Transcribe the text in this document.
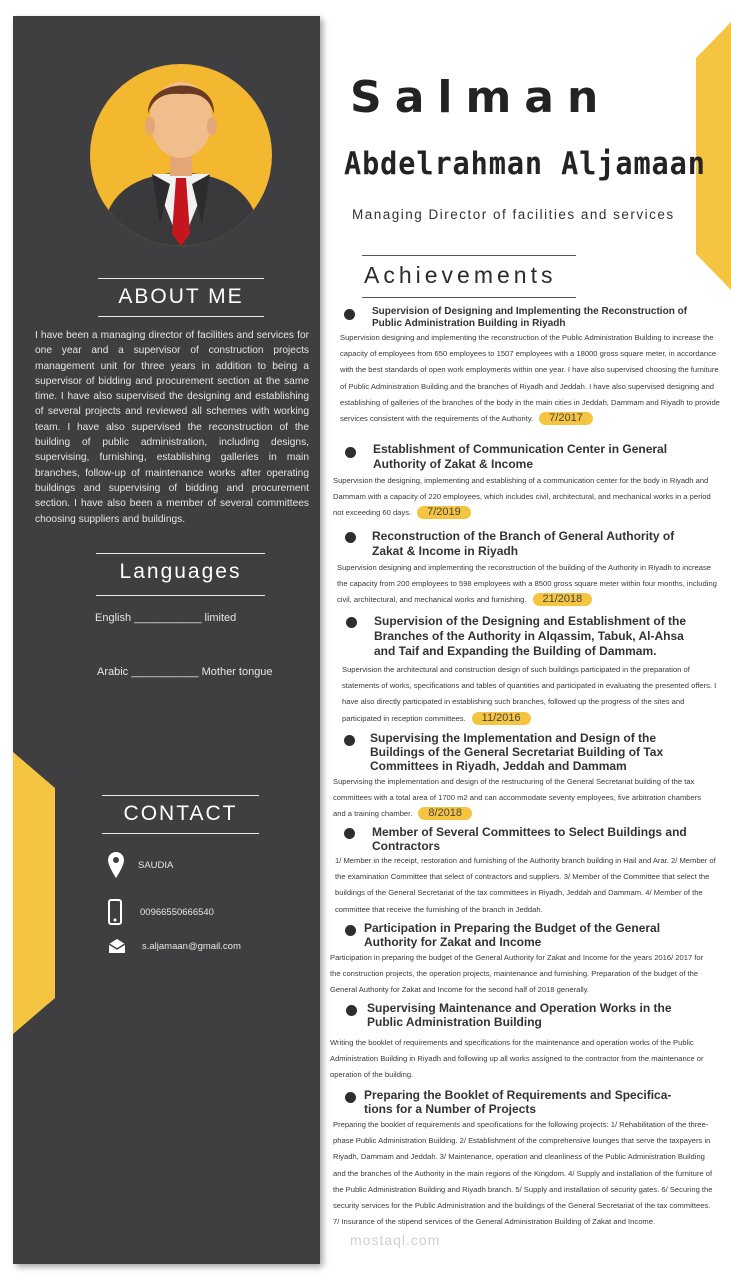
ABOUT ME
I have been a managing director of facilities and services for one year and a supervisor of construction projects management unit for three years in addition to being a supervisor of bidding and procurement section at the same time. I have also supervised the designing and establishing of several projects and reviewed all schemes with working team. I have also supervised the reconstruction of the building of public administration, including designs, supervising, furnishing, establishing galleries in main branches, follow-up of maintenance works after operating buildings and supervising of bidding and procurement section. I have also been a member of several committees choosing suppliers and buildings.
Languages
English ___________ limited
Arabic ___________ Mother tongue
CONTACT
SAUDIA
00966550666540
s.aljamaan@gmail.com
Salman
Abdelrahman Aljamaan
Managing Director of facilities and services
Achievements
Supervision of Designing and Implementing the Reconstruction of Public Administration Building in Riyadh
Supervision designing and implementing the reconstruction of the Public Administration Building to increase the capacity of employees from 650 employees to 1507 employees with a 18000 gross square meter, in accordance with the best standards of open work employments within one year. I have also supervised choosing the furniture of Public Administration Building and the branches of Riyadh and Jeddah. I have also supervised designing and establishing of galleries of the branches of the body in the main cities in Jeddah, Dammam and Riyadh to provide services consistent with the requirements of the Authority. 7/2017
Establishment of Communication Center in General Authority of Zakat & Income
Supervision the designing, implementing and establishing of a communication center for the body in Riyadh and Dammam with a capacity of 220 employees, which includes civil, architectural, and mechanical works in a period not exceeding 60 days. 7/2019
Reconstruction of the Branch of General Authority of Zakat & Income in Riyadh
Supervision designing and implementing the reconstruction of the building of the Authority in Riyadh to increase the capacity from 200 employees to 598 employees with a 8500 gross square meter within four months, including civil, architectural, and mechanical works and furnishing. 21/2018
Supervision of the Designing and Establishment of the Branches of the Authority in Alqassim, Tabuk, Al-Ahsa and Taif and Expanding the Building of Dammam.
Supervision the architectural and construction design of such buildings participated in the preparation of statements of works, specifications and tables of quantities and participated in evaluating the presented offers. I have also directly participated in establishing such branches, followed up the progress of the sites and participated in reception committees. 11/2016
Supervising the Implementation and Design of the Buildings of the General Secretariat Building of Tax Committees in Riyadh, Jeddah and Dammam
Supervising the implementation and design of the restructuring of the General Secretariat building of the tax committees with a total area of 1700 m2 and can accommodate seventy employees, five arbitration chambers and a training chamber. 8/2018
Member of Several Committees to Select Buildings and Contractors
1/ Member in the receipt, restoration and furnishing of the Authority branch building in Hail and Arar. 2/ Member of the examination Committee that select of contractors and suppliers. 3/ Member of the Committee that select the buildings of the General Secretariat of the tax committees in Riyadh, Jeddah and Dammam. 4/ Member of the committee that receive the furnishing of the branch in Jeddah.
Participation in Preparing the Budget of the General Authority for Zakat and Income
Participation in preparing the budget of the General Authority for Zakat and Income for the years 2016/ 2017 for the construction projects, the operation projects, maintenance and furnishing. Preparation of the budget of the General Authority for Zakat and Income for the second half of 2018 generally.
Supervising Maintenance and Operation Works in the Public Administration Building
Writing the booklet of requirements and specifications for the maintenance and operation works of the Public Administration Building in Riyadh and following up all works assigned to the contractor from the maintenance or operation of the building.
Preparing the Booklet of Requirements and Specifica- tions for a Number of Projects
Preparing the booklet of requirements and specifications for the following projects: 1/ Rehabilitation of the three-phase Public Administration Building. 2/ Establishment of the comprehensive lounges that serve the taxpayers in Riyadh, Dammam and Jeddah. 3/ Maintenance, operation and cleanliness of the Public Administration Building and the branches of the Authority in the main regions of the Kingdom. 4/ Supply and installation of the furniture of the Public Administration Building and Riyadh branch. 5/ Supply and installation of security gates. 6/ Securing the security services for the Public Administration and the buildings of the General Secretariat of the tax committees. 7/ Insurance of the stipend services of the General Administration Building of Zakat and Income.
mostaql.com
